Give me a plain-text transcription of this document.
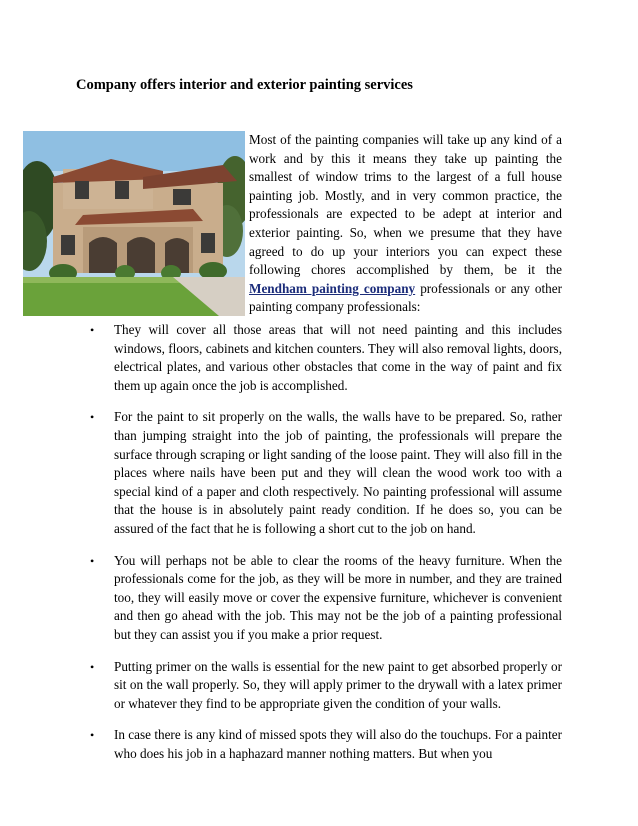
Company offers interior and exterior painting services
Most of the painting companies will take up any kind of a work and by this it means they take up painting the smallest of window trims to the largest of a full house painting job. Mostly, and in very common practice, the professionals are expected to be adept at interior and exterior painting. So, when we presume that they have agreed to do up your interiors you can expect these following chores accomplished by them, be it the Mendham painting company professionals or any other painting company professionals:
• They will cover all those areas that will not need painting and this includes windows, floors, cabinets and kitchen counters. They will also removal lights, doors, electrical plates, and various other obstacles that come in the way of paint and fix them up again once the job is accomplished.
• For the paint to sit properly on the walls, the walls have to be prepared. So, rather than jumping straight into the job of painting, the professionals will prepare the surface through scraping or light sanding of the loose paint. They will also fill in the places where nails have been put and they will clean the wood work too with a special kind of a paper and cloth respectively. No painting professional will assume that the house is in absolutely paint ready condition. If he does so, you can be assured of the fact that he is following a short cut to the job on hand.
• You will perhaps not be able to clear the rooms of the heavy furniture. When the professionals come for the job, as they will be more in number, and they are trained too, they will easily move or cover the expensive furniture, whichever is convenient and then go ahead with the job. This may not be the job of a painting professional but they can assist you if you make a prior request.
• Putting primer on the walls is essential for the new paint to get absorbed properly or sit on the wall properly. So, they will apply primer to the drywall with a latex primer or whatever they find to be appropriate given the condition of your walls.
• In case there is any kind of missed spots they will also do the touchups. For a painter who does his job in a haphazard manner nothing matters. But when you
